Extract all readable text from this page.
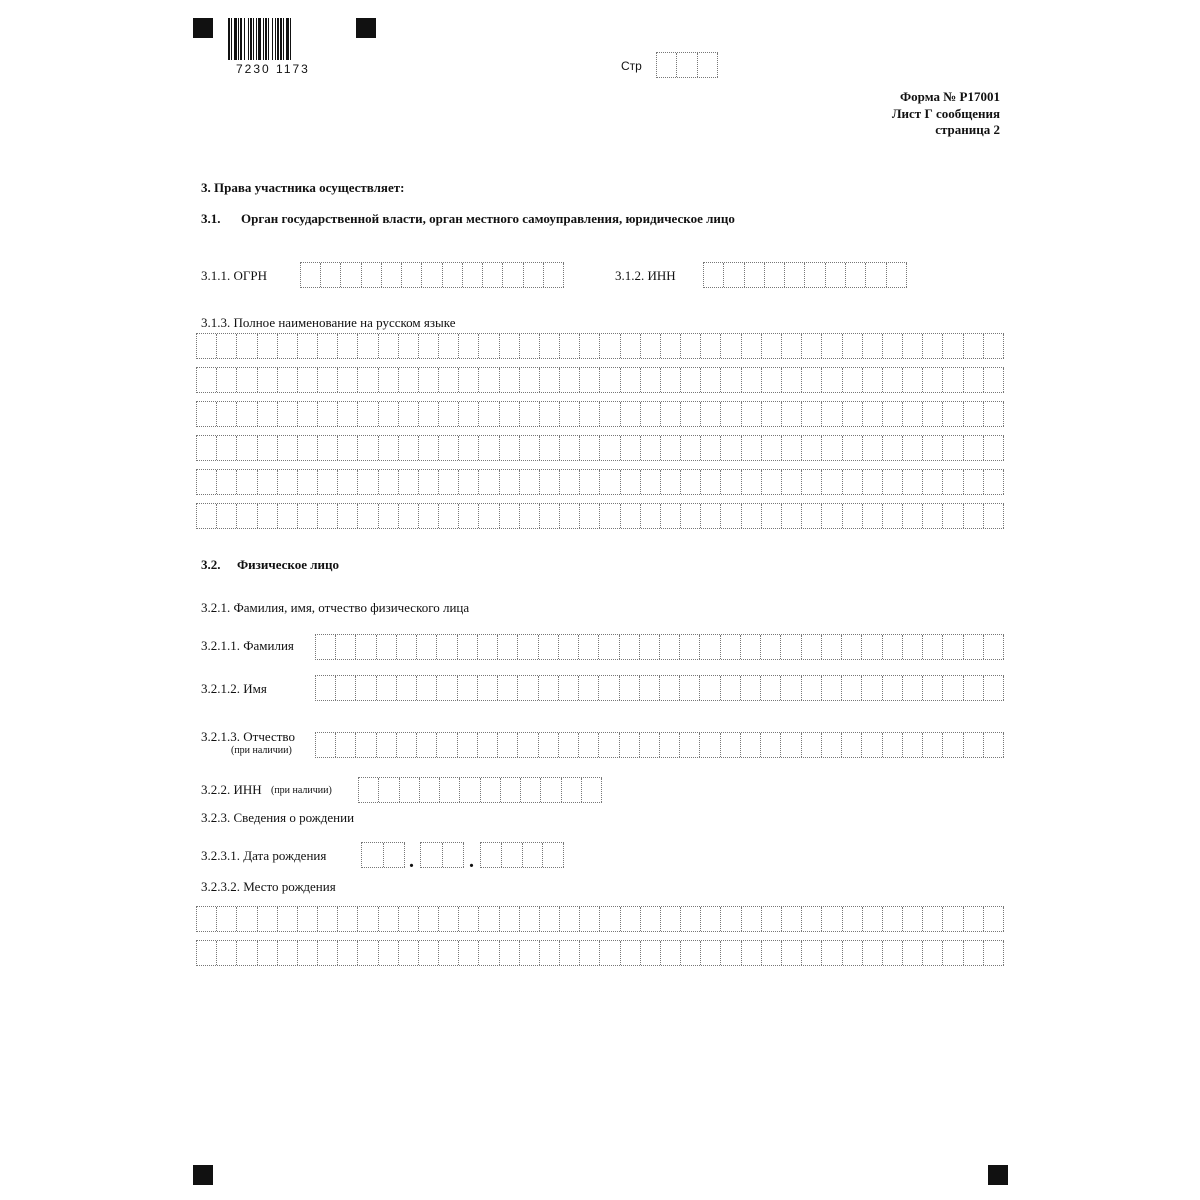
7230 1173	Стр
Форма № Р17001
Лист Г сообщения
страница 2
3. Права участника осуществляет:
3.1. Орган государственной власти, орган местного самоуправления, юридическое лицо
3.1.1. ОГРН	3.1.2. ИНН
3.1.3. Полное наименование на русском языке
3.2. Физическое лицо
3.2.1. Фамилия, имя, отчество физического лица
3.2.1.1. Фамилия
3.2.1.2. Имя
3.2.1.3. Отчество
(при наличии)
3.2.2. ИНН (при наличии)
3.2.3. Сведения о рождении
3.2.3.1. Дата рождения	.	.
3.2.3.2. Место рождения
